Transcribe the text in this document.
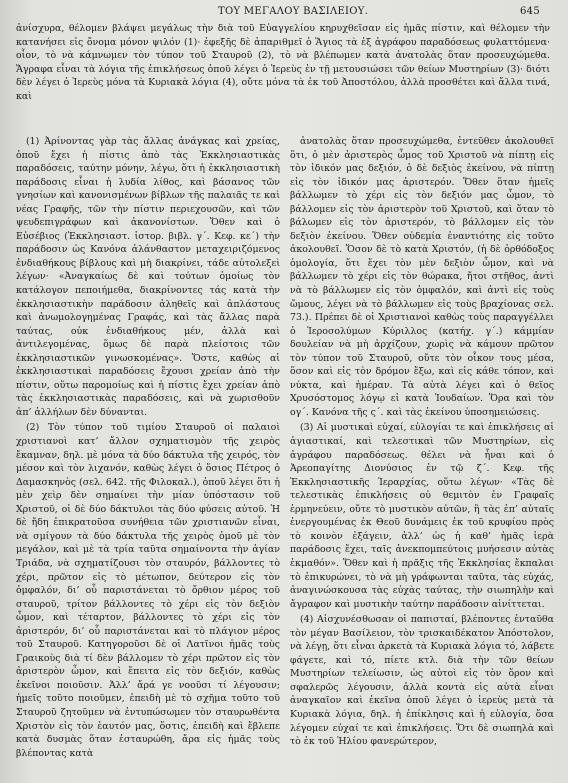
ΤΟΥ ΜΕΓΑΛΟΥ ΒΑΣΙΛΕΙΟΥ.	645

ἀνίσχυρα, θέλομεν βλάψει μεγάλως τὴν διὰ τοῦ Εὐαγγελίου κηρυχθεῖσαν εἰς ἡμᾶς πίστιν, καὶ θέλομεν τὴν κατανήσει εἰς ὄνομα μόνον ψιλόν (1)· ἐφεξῆς δὲ ἀπαριθμεῖ ὁ Ἅγιος τὰ ἐξ ἀγράφου παραδόσεως φυλαττόμενα· οἷον, τὸ νὰ κάμνωμεν τὸν τύπον τοῦ Σταυροῦ (2), τὸ νὰ βλέπωμεν κατὰ ἀνατολὰς ὅταν προσευχώμεθα. Ἄγραφα εἶναι τὰ λόγια τῆς ἐπικλήσεως ὁποῦ λέγει ὁ Ἱερεὺς ἐν τῇ μετουσιώσει τῶν θείων Μυστηρίων (3)· διότι δὲν λέγει ὁ Ἱερεὺς μόνα τὰ Κυριακὰ λόγια (4), οὔτε μόνα τὰ ἐκ τοῦ Ἀποστόλου, ἀλλὰ προσθέτει καὶ ἄλλα τινά, καὶ

(1) Ἀρίνοντας γὰρ τὰς ἄλλας ἀνάγκας καὶ χρείας, ὁποῦ ἔχει ἡ πίστις ἀπὸ τὰς Ἐκκλησιαστικὰς παραδόσεις, ταύτην μόνην, λέγω, ὅτι ἡ ἐκκλησιαστικὴ παράδοσις εἶναι ἡ λυδία λίθος, καὶ βάσανος τῶν γνησίων καὶ κανονισμένων βίβλων τῆς παλαιᾶς τε καὶ νέας Γραφῆς, τῶν τὴν πίστιν περιεχουσῶν, καὶ τῶν ψευδεπιγράφων καὶ ἀκανονίστων. Ὅθεν καὶ ὁ Εὐσέβιος (Ἐκκλησιαστ. ἱστορ. βιβλ. γ΄. Κεφ. κε΄) τὴν παράδοσιν ὡς Κανόνα ἀλάνθαστον μεταχειριζόμενος ἐνδιαθήκους βίβλους καὶ μὴ διακρίνει, τάδε αὐτολεξεὶ λέγων· «Ἀναγκαίως δὲ καὶ τούτων ὁμοίως τὸν κατάλογον πεποιήμεθα, διακρίνοντες τάς κατὰ τὴν ἐκκλησιαστικὴν παράδοσιν ἀληθεῖς καὶ ἀπλάστους καὶ ἀνωμολογημένας Γραφάς, καὶ τὰς ἄλλας παρὰ ταύτας, οὐκ ἐνδιαθήκους μέν, ἀλλὰ καὶ ἀντιλεγομένας, ὅμως δὲ παρὰ πλείστοις τῶν ἐκκλησιαστικῶν γινωσκομένας». Ὅστε, καθὼς αἱ ἐκκλησιαστικαὶ παραδόσεις ἔχουσι χρείαν ἀπὸ τὴν πίστιν, οὕτω παρομοίως καὶ ἡ πίστις ἔχει χρείαν ἀπὸ τὰς ἐκκλησιαστικὰς παραδόσεις, καὶ νὰ χωρισθοῦν ἀπ’ ἀλλήλων δὲν δύνανται.

(2) Τὸν τύπον τοῦ τιμίου Σταυροῦ οἱ παλαιοὶ χριστιανοὶ κατ’ ἄλλον σχηματισμὸν τῆς χειρὸς ἔκαμναν, δηλ. μὲ μόνα τὰ δύο δάκτυλα τῆς χειρός, τὸν μέσον καὶ τὸν λιχανόν, καθὼς λέγει ὁ ὅσιος Πέτρος ὁ Δαμασκηνὸς (σελ. 642. τῆς Φιλοκαλ.), ὁποῦ λέγει ὅτι ἡ μὲν χεὶρ δὲν σημαίνει τὴν μίαν ὑπόστασιν τοῦ Χριστοῦ, οἱ δὲ δύο δάκτυλοι τὰς δύο φύσεις αὐτοῦ. Ἡ δὲ ἤδη ἐπικρατοῦσα συνήθεια τῶν χριστιανῶν εἶναι, νὰ σμίγουν τὰ δύο δάκτυλα τῆς χειρὸς ὁμοῦ μὲ τὸν μεγάλον, καὶ μὲ τὰ τρία ταῦτα σημαίνοντα τὴν ἁγίαν Τριάδα, νὰ σχηματίζουσι τὸν σταυρόν, βάλλοντες τὸ χέρι, πρῶτον εἰς τὸ μέτωπον, δεύτερον εἰς τὸν ὀμφαλόν, δι’ οὗ παριστάνεται τὸ ὄρθιον μέρος τοῦ σταυροῦ, τρίτον βάλλοντες τὸ χέρι εἰς τὸν δεξιὸν ὦμον, καὶ τέταρτον, βάλλοντες τὸ χέρι εἰς τὸν ἀριστερόν, δι’ οὗ παριστάνεται καὶ τὸ πλάγιον μέρος τοῦ Σταυροῦ. Κατηγοροῦσι δὲ οἱ Λατῖνοι ἡμᾶς τοὺς Γραικοὺς διὰ τί δὲν βάλλομεν τὸ χέρι πρῶτον εἰς τὸν ἀριστερὸν ὦμον, καὶ ἔπειτα εἰς τὸν δεξιόν, καθὼς ἐκεῖνοι ποιοῦσιν. Ἀλλ’ ἄρά γε νοοῦσι τί λέγουσιν; ἡμεῖς τοῦτο ποιοῦμεν, ἐπειδὴ μὲ τὸ σχῆμα τοῦτο τοῦ Σταυροῦ ζητοῦμεν νὰ ἐντυπώσωμεν τὸν σταυρωθέντα Χριστὸν εἰς τὸν ἑαυτόν μας, ὅστις, ἐπειδὴ καὶ ἔβλεπε κατὰ δυσμὰς ὅταν ἐσταυρώθη, ἄρα εἰς ἡμᾶς τοὺς βλέποντας κατὰ

ἀνατολὰς ὅταν προσευχώμεθα, ἐντεῦθεν ἀκολουθεῖ ὅτι, ὁ μὲν ἀριστερὸς ὦμος τοῦ Χριστοῦ νὰ πίπτῃ εἰς τὸν ἰδικόν μας δεξιόν, ὁ δὲ δεξιὸς ἐκείνου, νὰ πίπτῃ εἰς τὸν ἰδικόν μας ἀριστερόν. Ὅθεν ὅταν ἡμεῖς βάλλωμεν τὸ χέρι εἰς τὸν δεξιόν μας ὦμον, τὸ βάλλομεν εἰς τὸν ἀριστερὸν τοῦ Χριστοῦ, καὶ ὅταν τὸ βάλωμεν εἰς τὸν ἀριστερόν, τὸ βάλλομεν εἰς τὸν δεξιὸν ἐκείνου. Ὅθεν οὐδεμία ἐναντιότης εἰς τοῦτο ἀκολουθεῖ. Ὅσον δὲ τὸ κατὰ Χριστόν, (ἡ δὲ ὀρθόδοξος ὁμολογία, ὅτι ἔχει τὸν μὲν δεξιὸν ὦμον, καὶ νὰ βάλλωμεν τὸ χέρι εἰς τὸν θώρακα, ἤτοι στῆθος, ἀντὶ νὰ τὸ βάλλωμεν εἰς τὸν ὀμφαλόν, καὶ ἀντὶ εἰς τοὺς ὤμους, λέγει νὰ τὸ βάλλωμεν εἰς τοὺς βραχίονας σελ. 73.). Πρέπει δὲ οἱ Χριστιανοὶ καθὼς τοὺς παραγγέλλει ὁ Ἱεροσολύμων Κύριλλος (κατήχ. γ΄.) κάμμίαν δουλείαν νὰ μὴ ἀρχίζουν, χωρὶς νὰ κάμουν πρῶτον τὸν τύπον τοῦ Σταυροῦ, οὔτε τὸν οἶκον τους μέσα, ὅσον καὶ εἰς τὸν δρόμον ἔξω, καὶ εἰς κάθε τόπον, καὶ νύκτα, καὶ ἡμέραν. Τὰ αὐτὰ λέγει καὶ ὁ θεῖος Χρυσόστομος λόγῳ εἰ κατὰ Ἰουδαίων. Ὅρα καὶ τὸν ογ΄. Κανόνα τῆς ς΄. καὶ τὰς ἐκείνου ὑποσημειώσεις.

(3) Αἱ μυστικαὶ εὐχαί, εὐλογίαι τε καὶ ἐπικλήσεις αἱ ἁγιαστικαί, καὶ τελεστικαὶ τῶν Μυστηρίων, εἰς ἀγράφου παραδόσεως. θέλει νὰ ἦναι καὶ ὁ Ἀρεοπαγίτης Διονύσιος ἐν τῷ ζ΄. Κεφ. τῆς Ἐκκλησιαστικῆς Ἱεραρχίας, οὕτω λέγων· «Τὰς δὲ τελεστικὰς ἐπικλήσεις οὐ θεμιτὸν ἐν Γραφαῖς ἑρμηνεύειν, οὔτε τὸ μυστικὸν αὐτῶν, ἢ τὰς ἐπ’ αὐταῖς ἐνεργουμένας ἐκ Θεοῦ δυνάμεις ἐκ τοῦ κρυφίου πρὸς τὸ κοινὸν ἐξάγειν, ἀλλ’ ὡς ἡ καθ’ ἡμᾶς ἱερὰ παράδοσις ἔχει, ταῖς ἀνεκπομπεύτοις μυήσεσιν αὐτὰς ἐκμαθόν». Ὅθεν καὶ ἡ πρᾶξις τῆς Ἐκκλησίας ἔκπαλαι τὸ ἐπικυρώνει, τὸ νὰ μὴ γράφωνται ταῦτα, τὰς εὐχάς, ἀναγινώσκουσα τὰς εὐχὰς ταύτας, τὴν σιωπηλὴν καὶ ἄγραφον καὶ μυστικὴν ταύτην παράδοσιν αἰνίττεται.

(4) Αἰσχυνέσθωσαν οἱ παπισταί, βλέποντες ἐνταῦθα τὸν μέγαν Βασίλειον, τὸν τρισκαιδέκατον Ἀπόστολον, νὰ λέγῃ, ὅτι εἶναι ἀρκετὰ τὰ Κυριακὰ λόγια τό, λάβετε φάγετε, καὶ τό, πίετε κτλ. διὰ τὴν τῶν θείων Μυστηρίων τελείωσιν, ὡς αὐτοὶ εἰς τὸν ὅρον καὶ σφαλερῶς λέγουσιν, ἀλλὰ κοντὰ εἰς αὐτὰ εἶναι ἀναγκαῖον καὶ ἐκεῖνα ὁποῦ λέγει ὁ ἱερεὺς μετὰ τὰ Κυριακὰ λόγια, δηλ. ἡ ἐπίκλησις καὶ ἡ εὐλογία, ὅσα λέγομεν εὐχαί τε καὶ ἐπικλήσεις. Ὅτι δὲ σιωπηλὰ καὶ τὸ ἐκ τοῦ Ἡλίου φανερώτερον,
